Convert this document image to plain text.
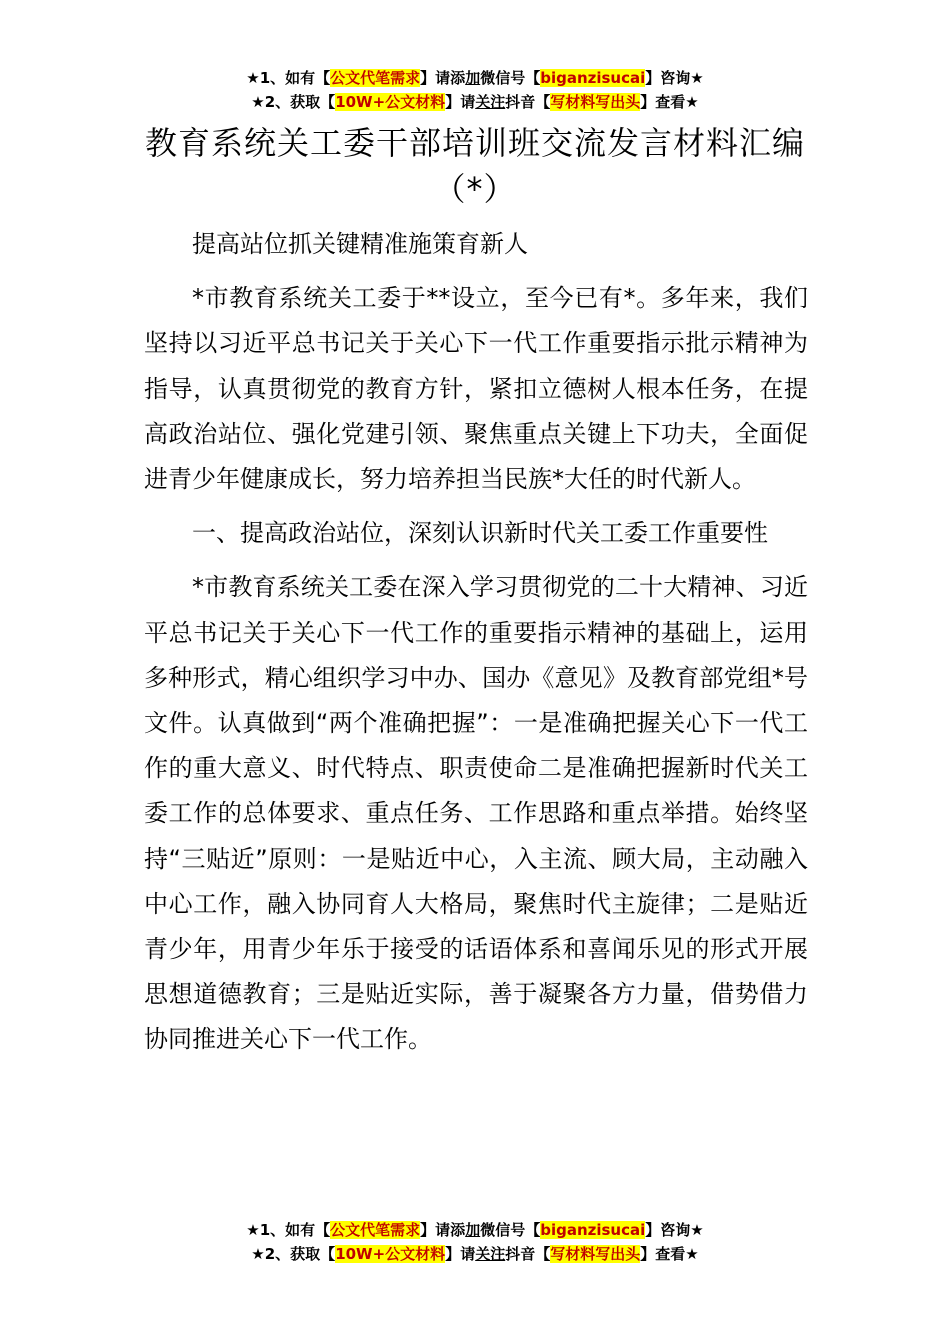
★1、如有【公文代笔需求】请添加微信号【biganzisucai】咨询★
★2、获取【10W+公文材料】请关注抖音【写材料写出头】查看★
教育系统关工委干部培训班交流发言材料汇编（*）

提高站位抓关键精准施策育新人

*市教育系统关工委于**设立，至今已有*。多年来，我们坚持以习近平总书记关于关心下一代工作重要指示批示精神为指导，认真贯彻党的教育方针，紧扣立德树人根本任务，在提高政治站位、强化党建引领、聚焦重点关键上下功夫，全面促进青少年健康成长，努力培养担当民族*大任的时代新人。

一、提高政治站位，深刻认识新时代关工委工作重要性

*市教育系统关工委在深入学习贯彻党的二十大精神、习近平总书记关于关心下一代工作的重要指示精神的基础上，运用多种形式，精心组织学习中办、国办《意见》及教育部党组*号文件。认真做到“两个准确把握”：一是准确把握关心下一代工作的重大意义、时代特点、职责使命二是准确把握新时代关工委工作的总体要求、重点任务、工作思路和重点举措。始终坚持“三贴近”原则：一是贴近中心，入主流、顾大局，主动融入中心工作，融入协同育人大格局，聚焦时代主旋律；二是贴近青少年，用青少年乐于接受的话语体系和喜闻乐见的形式开展思想道德教育；三是贴近实际，善于凝聚各方力量，借势借力协同推进关心下一代工作。

★1、如有【公文代笔需求】请添加微信号【biganzisucai】咨询★
★2、获取【10W+公文材料】请关注抖音【写材料写出头】查看★
